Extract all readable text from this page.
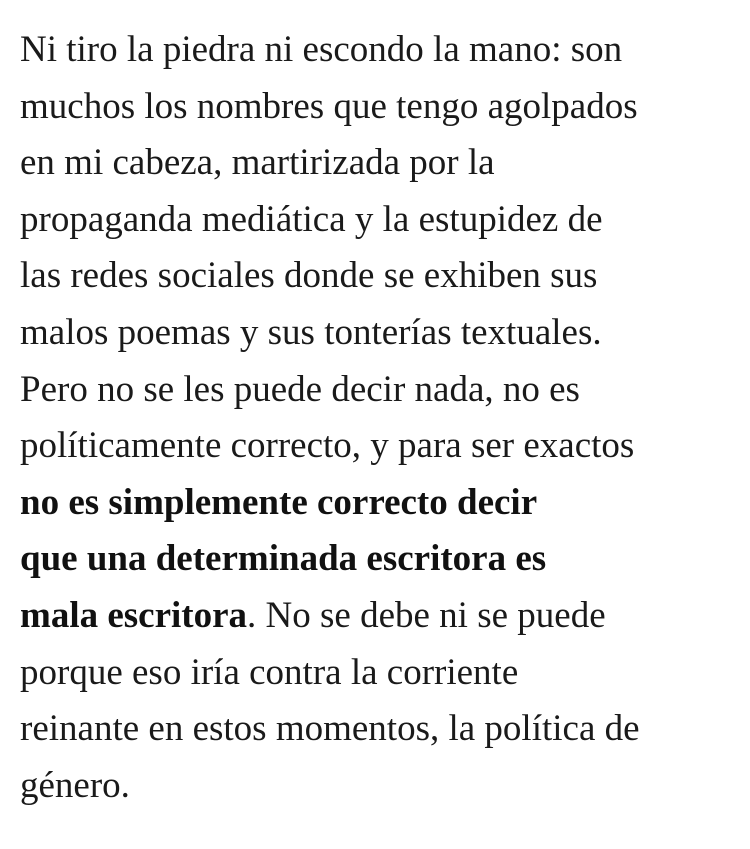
Ni tiro la piedra ni escondo la mano: son
muchos los nombres que tengo agolpados
en mi cabeza, martirizada por la
propaganda mediática y la estupidez de
las redes sociales donde se exhiben sus
malos poemas y sus tonterías textuales.
Pero no se les puede decir nada, no es
políticamente correcto, y para ser exactos
no es simplemente correcto decir
que una determinada escritora es
mala escritora. No se debe ni se puede
porque eso iría contra la corriente
reinante en estos momentos, la política de
género.
